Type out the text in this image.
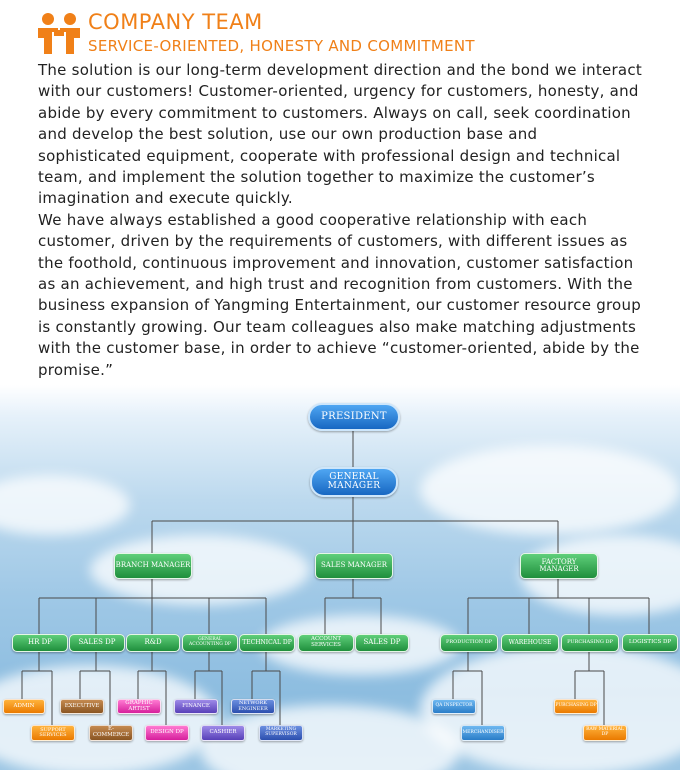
COMPANY TEAM
SERVICE-ORIENTED, HONESTY AND COMMITMENT

The solution is our long-term development direction and the bond we interact with our customers! Customer-oriented, urgency for customers, honesty, and abide by every commitment to customers. Always on call, seek coordination and develop the best solution, use our own production base and sophisticated equipment, cooperate with professional design and technical team, and implement the solution together to maximize the customer’s imagination and execute quickly.

We have always established a good cooperative relationship with each customer, driven by the requirements of customers, with different issues as the foothold, continuous improvement and innovation, customer satisfaction as an achievement, and high trust and recognition from customers. With the business expansion of Yangming Entertainment, our customer resource group is constantly growing. Our team colleagues also make matching adjustments with the customer base, in order to achieve “customer-oriented, abide by the promise.”

PRESIDENT
GENERAL MANAGER
BRANCH MANAGER	SALES MANAGER	FACTORY MANAGER
HR DP	SALES DP	R&D	GENERAL ACCOUNTING DP	TECHNICAL DP	ACCOUNT SERVICES	SALES DP	PRODUCTION DP	WAREHOUSE	PURCHASING DP	LOGISTICS DP
ADMIN	EXECUTIVE	GRAPHIC ARTIST	FINANCE	NETWORK ENGINEER	QA INSPECTOR	PURCHASING DP
SUPPORT SERVICES
E-COMMERCE	DESIGN DP	CASHIER	MARKETING SUPERVISOR	MERCHANDISER	RAW MATERIAL DP
